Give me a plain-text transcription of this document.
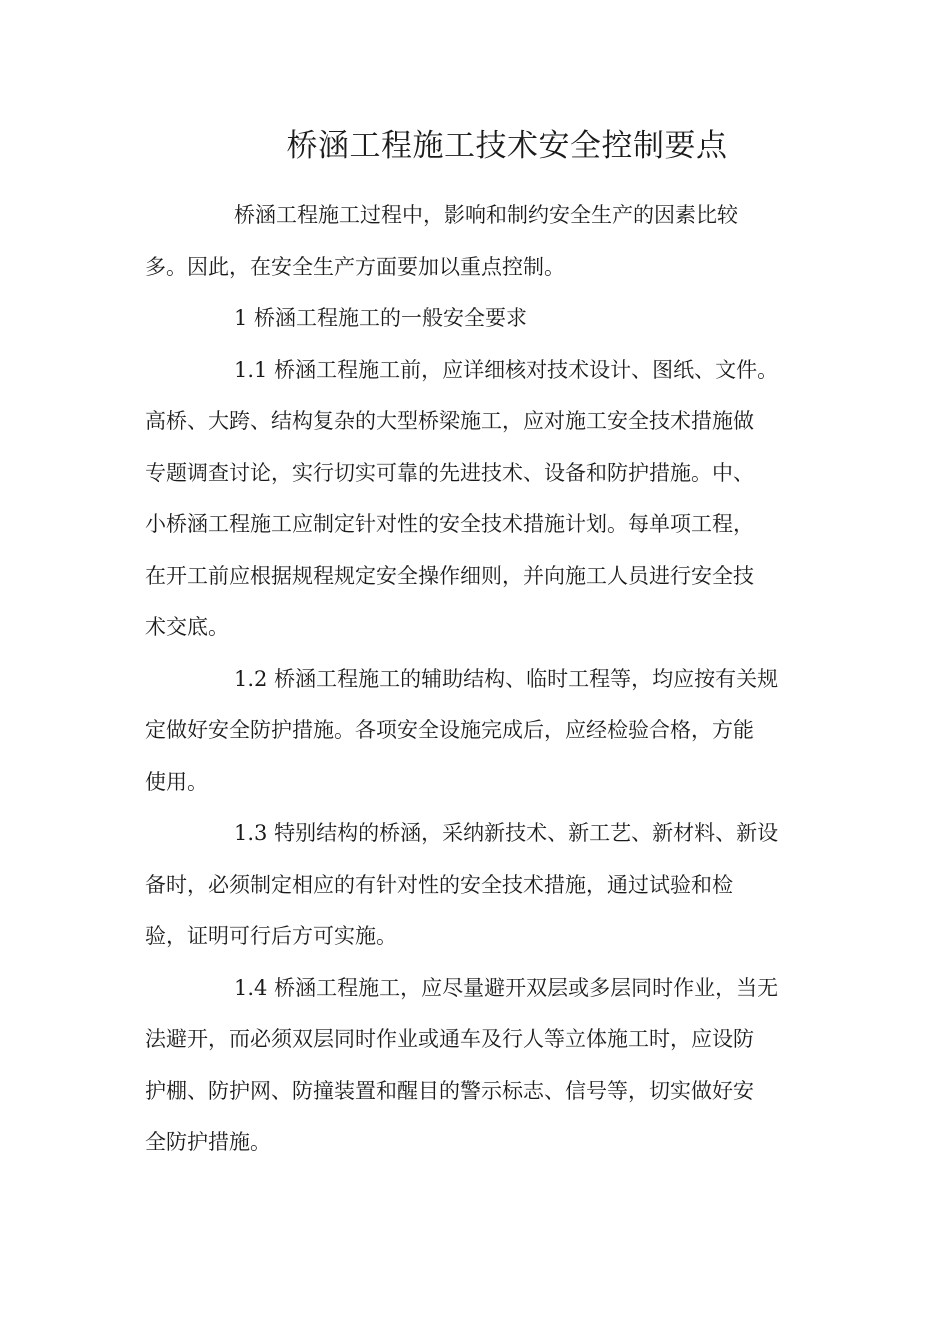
桥涵工程施工技术安全控制要点
桥涵工程施工过程中，影响和制约安全生产的因素比较
多。因此，在安全生产方面要加以重点控制。
1 桥涵工程施工的一般安全要求
1.1 桥涵工程施工前，应详细核对技术设计、图纸、文件。
高桥、大跨、结构复杂的大型桥梁施工，应对施工安全技术措施做
专题调查讨论，实行切实可靠的先进技术、设备和防护措施。中、
小桥涵工程施工应制定针对性的安全技术措施计划。每单项工程，
在开工前应根据规程规定安全操作细则，并向施工人员进行安全技
术交底。
1.2 桥涵工程施工的辅助结构、临时工程等，均应按有关规
定做好安全防护措施。各项安全设施完成后，应经检验合格，方能
使用。
1.3 特别结构的桥涵，采纳新技术、新工艺、新材料、新设
备时，必须制定相应的有针对性的安全技术措施，通过试验和检
验，证明可行后方可实施。
1.4 桥涵工程施工，应尽量避开双层或多层同时作业，当无
法避开，而必须双层同时作业或通车及行人等立体施工时，应设防
护棚、防护网、防撞装置和醒目的警示标志、信号等，切实做好安
全防护措施。
